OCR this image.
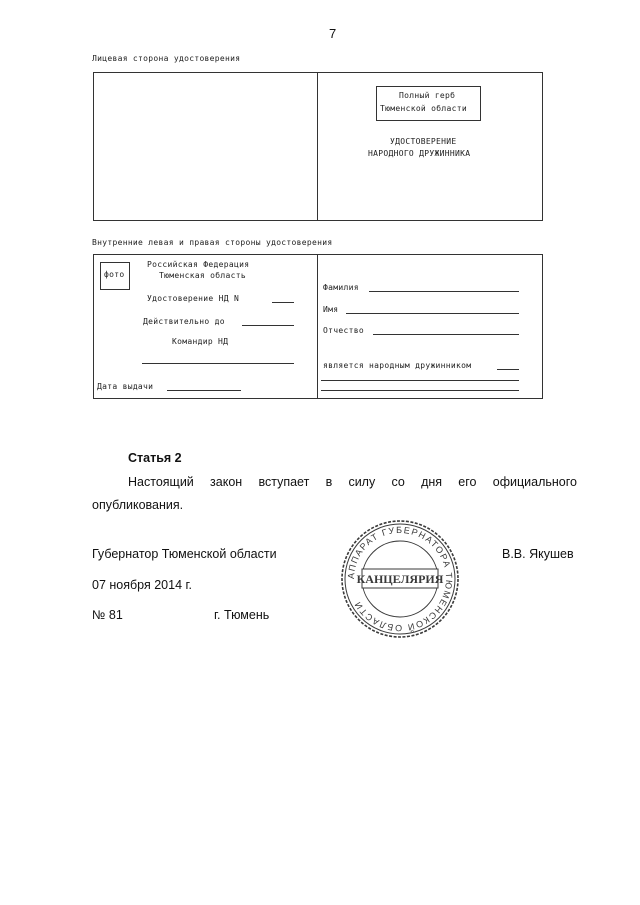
7
Лицевая сторона удостоверения
Полный герб
Тюменской области
УДОСТОВЕРЕНИЕ
НАРОДНОГО ДРУЖИННИКА
Внутренние левая и правая стороны удостоверения
фото
Российская Федерация
Тюменская область
Удостоверение НД N
Действительно до
Командир НД
Дата выдачи
Фамилия
Имя
Отчество
является народным дружинником
Статья 2
Настоящий закон вступает в силу со дня его официального
опубликования.
Губернатор Тюменской области	В.В. Якушев
07 ноября 2014 г.
№ 81	г. Тюмень
АППАРАТ ГУБЕРНАТОРА ТЮМЕНСКОЙ ОБЛАСТИ
КАНЦЕЛЯРИЯ
